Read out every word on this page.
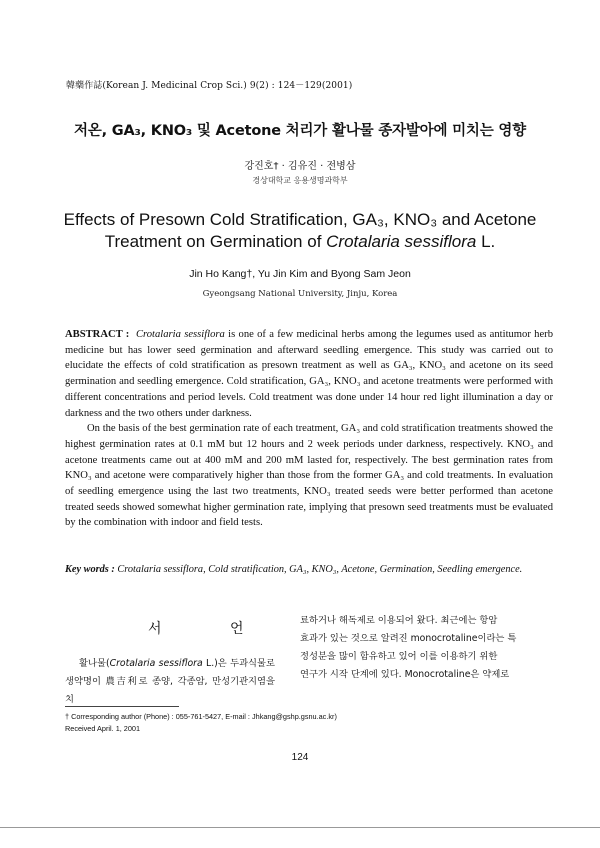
韓藥作誌(Korean J. Medicinal Crop Sci.) 9(2) : 124－129(2001)
저온, GA₃, KNO₃ 및 Acetone 처리가 활나물 종자발아에 미치는 영향
강진호† · 김유진 · 전병삼
경상대학교 응용생명과학부
Effects of Presown Cold Stratification, GA₃, KNO₃ and Acetone
Treatment on Germination of Crotalaria sessiflora L.
Jin Ho Kang†, Yu Jin Kim and Byong Sam Jeon
Gyeongsang National University, Jinju, Korea

ABSTRACT : Crotalaria sessiflora is one of a few medicinal herbs among the legumes used as antitumor herb medicine but has lower seed germination and afterward seedling emergence. This study was carried out to elucidate the effects of cold stratification as presown treatment as well as GA₃, KNO₃ and acetone on its seed germination and seedling emergence. Cold stratification, GA₃, KNO₃ and acetone treatments were performed with different concentrations and period levels. Cold treatment was done under 14 hour red light illumination a day or darkness and the two others under darkness.

On the basis of the best germination rate of each treatment, GA₃ and cold stratification treatments showed the highest germination rates at 0.1 mM but 12 hours and 2 week periods under darkness, respectively. KNO₃ and acetone treatments came out at 400 mM and 200 mM lasted for, respectively. The best germination rates from KNO₃ and acetone were comparatively higher than those from the former GA₃ and cold treatments. In evaluation of seedling emergence using the last two treatments, KNO₃ treated seeds were better performed than acetone treated seeds showed somewhat higher germination rate, implying that presown seed treatments must be evaluated by the combination with indoor and field tests.

Key words : Crotalaria sessiflora, Cold stratification, GA₃, KNO₃, Acetone, Germination, Seedling emergence.
서 언

활나물(Crotalaria sessiflora L.)은 두과식물로 생약명이 農吉利로 종양, 각종암, 만성기관지염을 치

료하거나 해독제로 이용되어 왔다. 최근에는 항암
효과가 있는 것으로 알려진 monocrotaline이라는 특
정성분을 많이 함유하고 있어 이를 이용하기 위한
연구가 시작 단계에 있다. Monocrotaline은 약제로
† Corresponding author (Phone) : 055-761-5427, E-mail : Jhkang@gshp.gsnu.ac.kr)
Received April. 1, 2001
124
